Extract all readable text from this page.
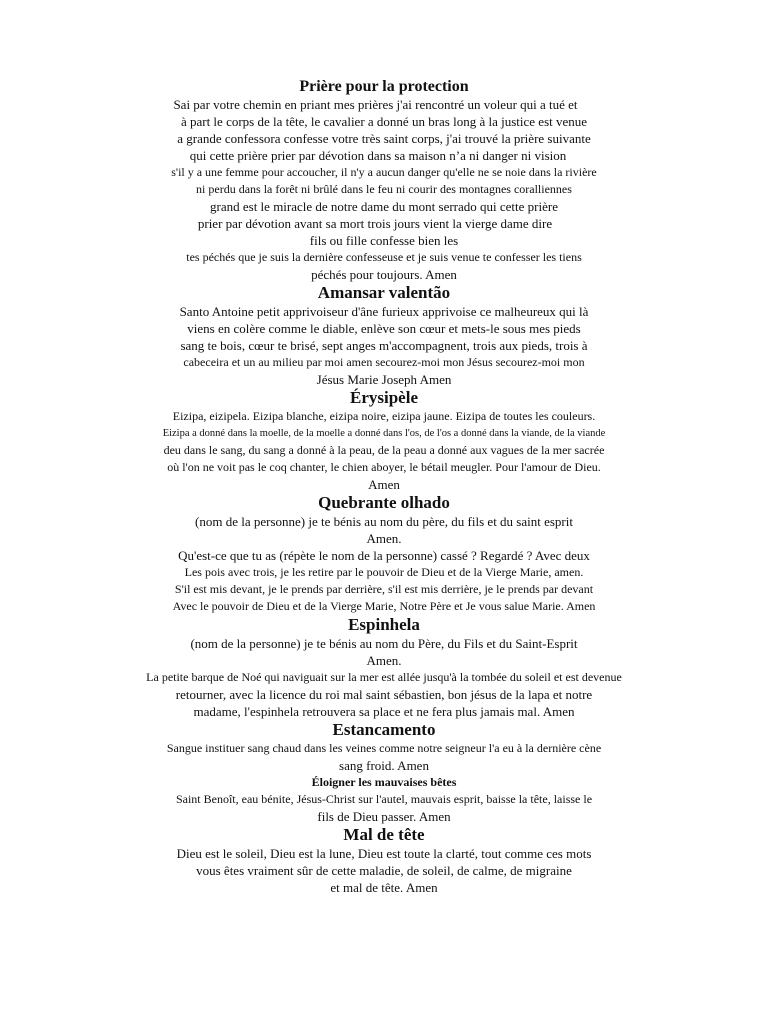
Prière pour la protection
Sai par votre chemin en priant mes prières j'ai rencontré un voleur qui a tué et
à part le corps de la tête, le cavalier a donné un bras long à la justice est venue
a grande confessora confesse votre très saint corps, j'ai trouvé la prière suivante
qui cette prière prier par dévotion dans sa maison n’a ni danger ni vision
s'il y a une femme pour accoucher, il n'y a aucun danger qu'elle ne se noie dans la rivière
ni perdu dans la forêt ni brûlé dans le feu ni courir des montagnes coralliennes
grand est le miracle de notre dame du mont serrado qui cette prière
prier par dévotion avant sa mort trois jours vient la vierge dame dire
fils ou fille confesse bien les
tes péchés que je suis la dernière confesseuse et je suis venue te confesser les tiens
péchés pour toujours. Amen
Amansar valentão
Santo Antoine petit apprivoiseur d'âne furieux apprivoise ce malheureux qui là
viens en colère comme le diable, enlève son cœur et mets-le sous mes pieds
sang te bois, cœur te brisé, sept anges m'accompagnent, trois aux pieds, trois à
cabeceira et un au milieu par moi amen secourez-moi mon Jésus secourez-moi mon
Jésus Marie Joseph Amen
Érysipèle
Eizipa, eizipela. Eizipa blanche, eizipa noire, eizipa jaune. Eizipa de toutes les couleurs.
Eizipa a donné dans la moelle, de la moelle a donné dans l'os, de l'os a donné dans la viande, de la viande
deu dans le sang, du sang a donné à la peau, de la peau a donné aux vagues de la mer sacrée
où l'on ne voit pas le coq chanter, le chien aboyer, le bétail meugler. Pour l'amour de Dieu.
Amen
Quebrante olhado
(nom de la personne) je te bénis au nom du père, du fils et du saint esprit
Amen.
Qu'est-ce que tu as (répète le nom de la personne) cassé ? Regardé ? Avec deux
Les pois avec trois, je les retire par le pouvoir de Dieu et de la Vierge Marie, amen.
S'il est mis devant, je le prends par derrière, s'il est mis derrière, je le prends par devant
Avec le pouvoir de Dieu et de la Vierge Marie, Notre Père et Je vous salue Marie. Amen
Espinhela
(nom de la personne) je te bénis au nom du Père, du Fils et du Saint-Esprit
Amen.
La petite barque de Noé qui naviguait sur la mer est allée jusqu'à la tombée du soleil et est devenue
retourner, avec la licence du roi mal saint sébastien, bon jésus de la lapa et notre
madame, l'espinhela retrouvera sa place et ne fera plus jamais mal. Amen
Estancamento
Sangue instituer sang chaud dans les veines comme notre seigneur l'a eu à la dernière cène
sang froid. Amen
Éloigner les mauvaises bêtes
Saint Benoît, eau bénite, Jésus-Christ sur l'autel, mauvais esprit, baisse la tête, laisse le
fils de Dieu passer. Amen
Mal de tête
Dieu est le soleil, Dieu est la lune, Dieu est toute la clarté, tout comme ces mots
vous êtes vraiment sûr de cette maladie, de soleil, de calme, de migraine
et mal de tête. Amen
